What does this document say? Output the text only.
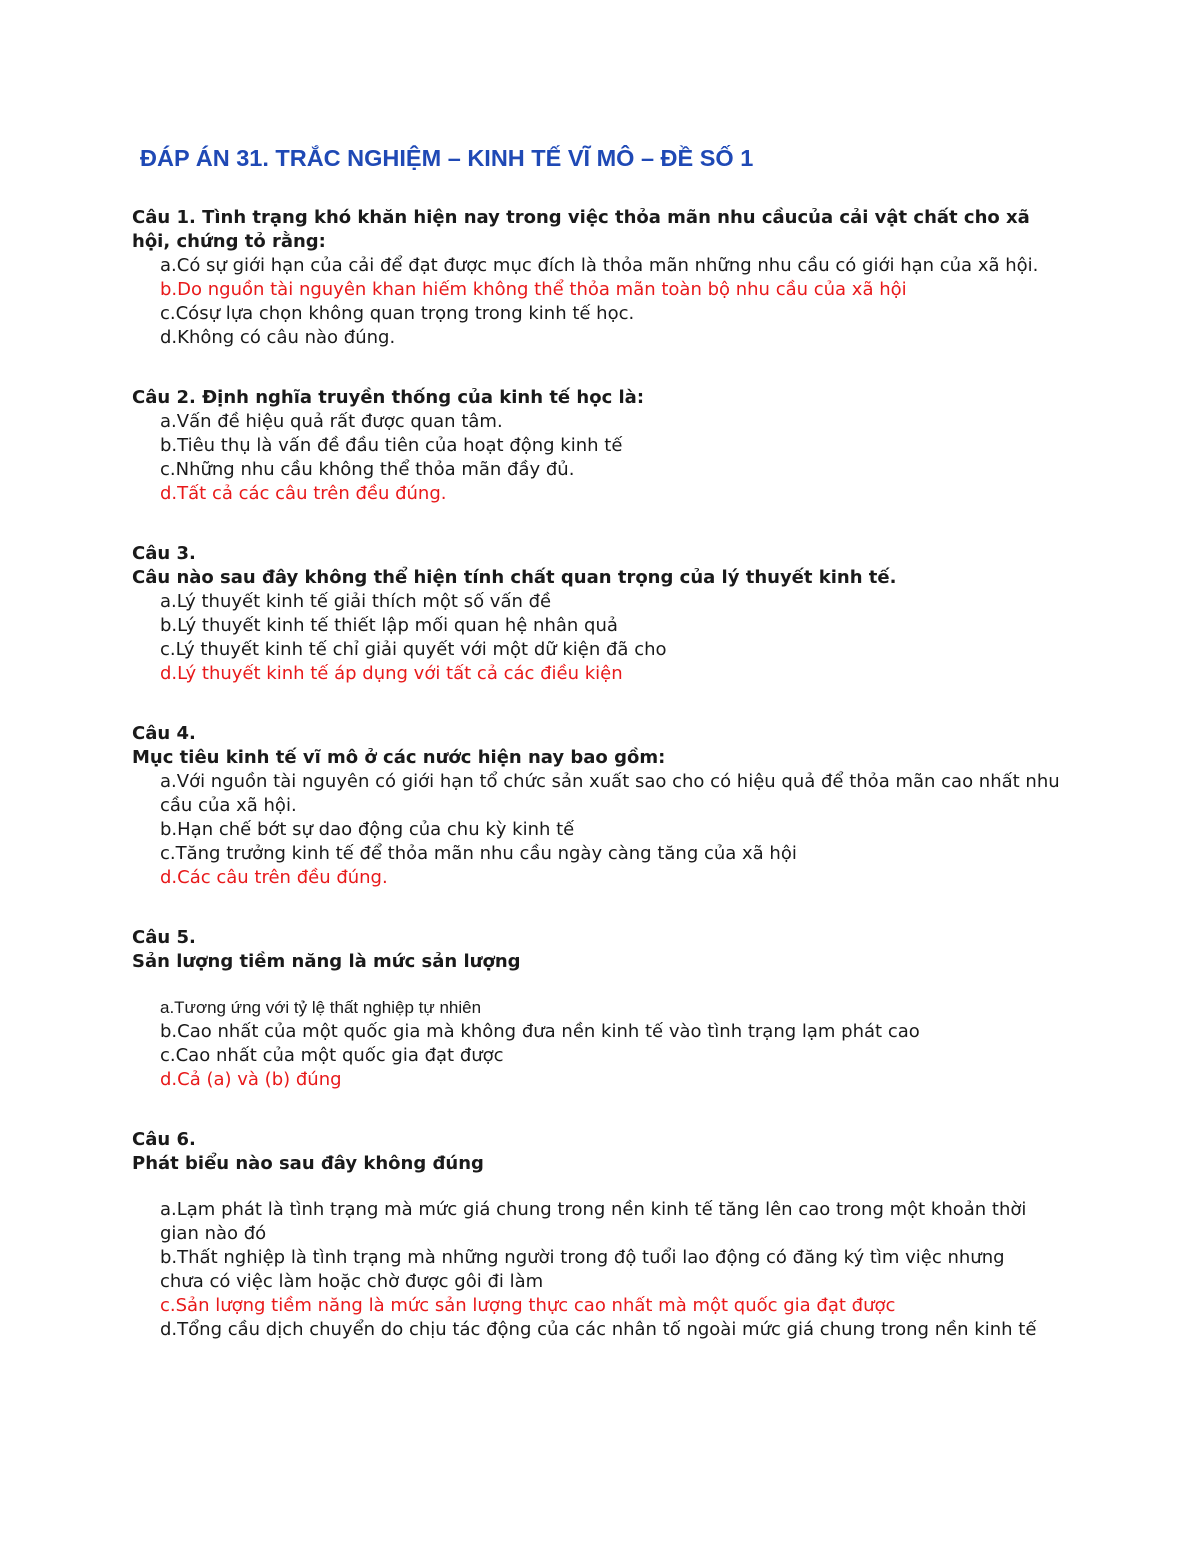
ĐÁP ÁN 31. TRẮC NGHIỆM – KINH TẾ VĨ MÔ – ĐỀ SỐ 1

Câu 1. Tình trạng khó khăn hiện nay trong việc thỏa mãn nhu cầucủa cải vật chất cho xã hội, chứng tỏ rằng:

a.Có sự giới hạn của cải để đạt được mục đích là thỏa mãn những nhu cầu có giới hạn của xã hội.
b.Do nguồn tài nguyên khan hiếm không thể thỏa mãn toàn bộ nhu cầu của xã hội
c.Cósự lựa chọn không quan trọng trong kinh tế học.
d.Không có câu nào đúng.

Câu 2. Định nghĩa truyền thống của kinh tế học là:

a.Vấn đề hiệu quả rất được quan tâm.
b.Tiêu thụ là vấn đề đầu tiên của hoạt động kinh tế
c.Những nhu cầu không thể thỏa mãn đầy đủ.
d.Tất cả các câu trên đều đúng.

Câu 3.

Câu nào sau đây không thể hiện tính chất quan trọng của lý thuyết kinh tế.

a.Lý thuyết kinh tế giải thích một số vấn đề
b.Lý thuyết kinh tế thiết lập mối quan hệ nhân quả
c.Lý thuyết kinh tế chỉ giải quyết với một dữ kiện đã cho
d.Lý thuyết kinh tế áp dụng với tất cả các điều kiện

Câu 4.

Mục tiêu kinh tế vĩ mô ở các nước hiện nay bao gồm:

a.Với nguồn tài nguyên có giới hạn tổ chức sản xuất sao cho có hiệu quả để thỏa mãn cao nhất nhu cầu của xã hội.
b.Hạn chế bớt sự dao động của chu kỳ kinh tế
c.Tăng trưởng kinh tế để thỏa mãn nhu cầu ngày càng tăng của xã hội
d.Các câu trên đều đúng.

Câu 5.

Sản lượng tiềm năng là mức sản lượng

a.Tương ứng với tỷ lệ thất nghiệp tự nhiên
b.Cao nhất của một quốc gia mà không đưa nền kinh tế vào tình trạng lạm phát cao
c.Cao nhất của một quốc gia đạt được
d.Cả (a) và (b) đúng

Câu 6.

Phát biểu nào sau đây không đúng

a.Lạm phát là tình trạng mà mức giá chung trong nền kinh tế tăng lên cao trong một khoản thời gian nào đó
b.Thất nghiệp là tình trạng mà những người trong độ tuổi lao động có đăng ký tìm việc nhưng chưa có việc làm hoặc chờ được gôi đi làm
c.Sản lượng tiềm năng là mức sản lượng thực cao nhất mà một quốc gia đạt được
d.Tổng cầu dịch chuyển do chịu tác động của các nhân tố ngoài mức giá chung trong nền kinh tế
